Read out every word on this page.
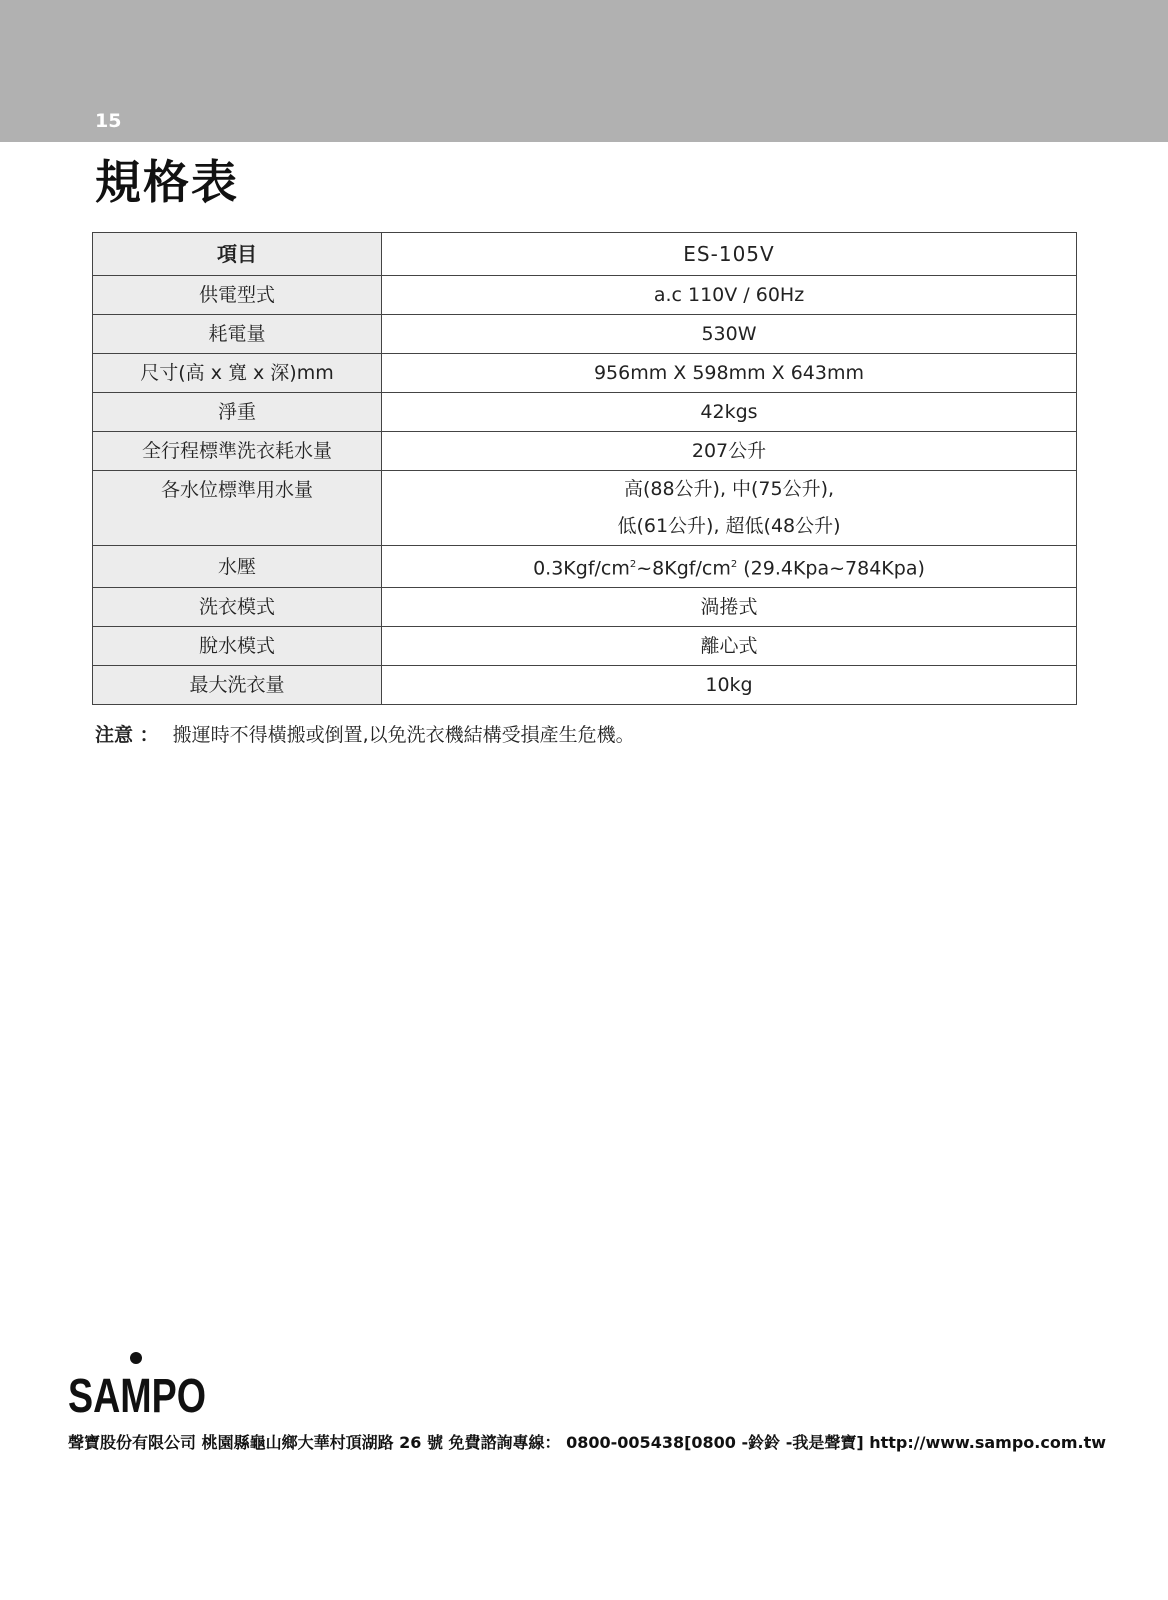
15
規格表
項目	ES-105V
供電型式	a.c 110V / 60Hz
耗電量	530W
尺寸(高 x 寬 x 深)mm	956mm X 598mm X 643mm
淨重	42kgs
全行程標準洗衣耗水量	207公升
各水位標準用水量	高(88公升), 中(75公升),
低(61公升), 超低(48公升)

水壓	$0.3Kgf/cm^2\sim 8Kgf/cm^2$ (29.4Kpa~784Kpa)
洗衣模式	渦捲式
脫水模式	離心式
最大洗衣量	10kg
注意 ： 搬運時不得橫搬或倒置,以免洗衣機結構受損產生危機。
SAMPO
聲寶股份有限公司 桃園縣龜山鄉大華村頂湖路 26 號 免費諮詢專線： 0800-005438[0800 -鈴鈴 -我是聲寶] http://www.sampo.com.tw
